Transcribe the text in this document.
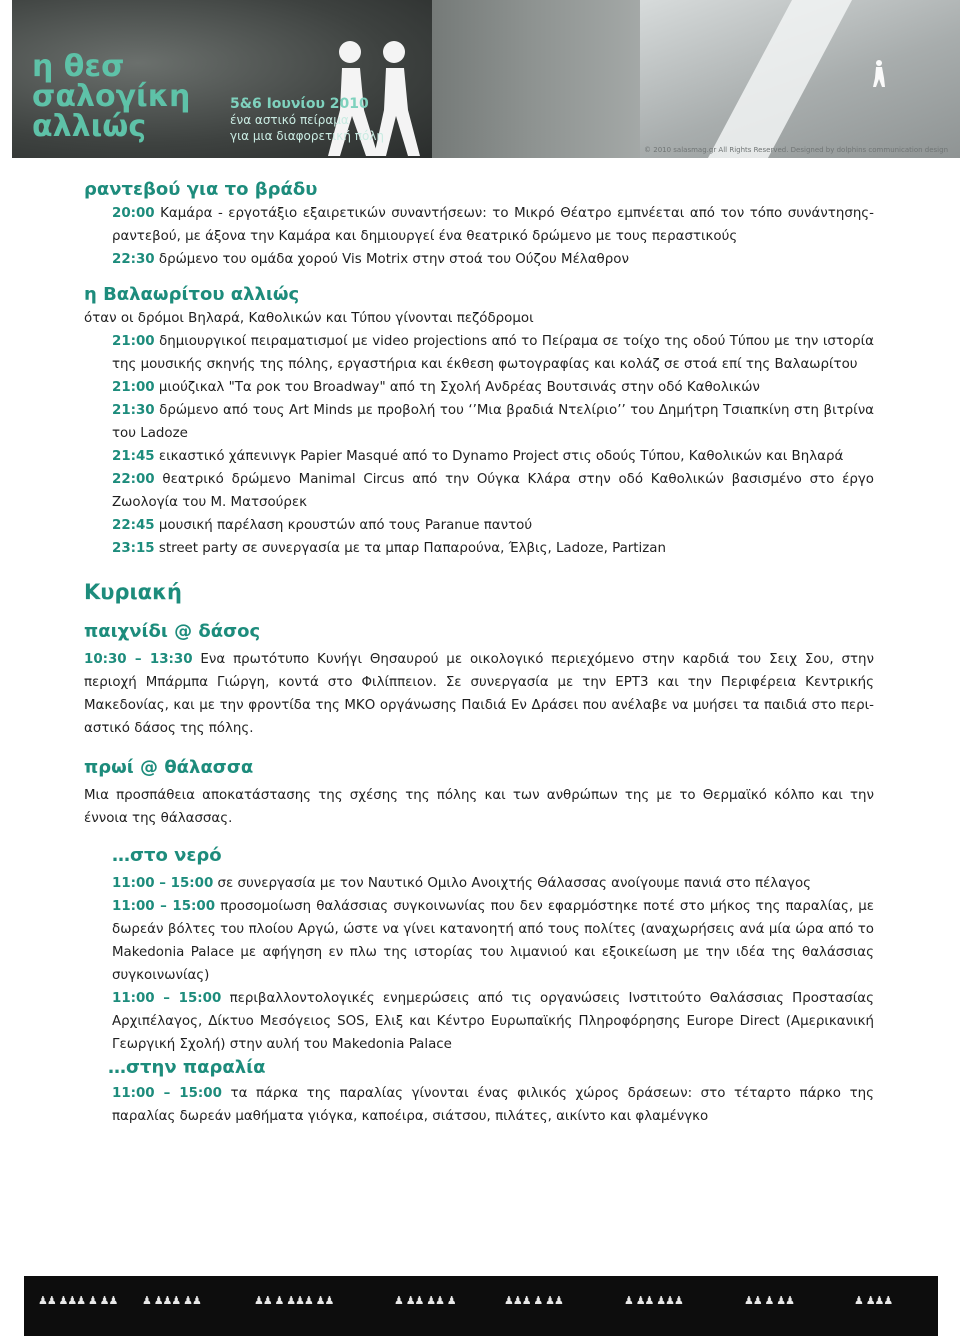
η θεσ
σαλογίκη
αλλιώς
5&6 Ιουνίου 2010
ένα αστικό πείραμα
για μια διαφορετική πόλη
© 2010 salasmag.gr All Rights Reserved. Designed by dolphins communication design
ραντεβού για το βράδυ

20:00 Καμάρα - εργοτάξιο εξαιρετικών συναντήσεων: το Μικρό Θέατρο εμπνέεται από τον τόπο συνάντησης-ραντεβού, με άξονα την Καμάρα και δημιουργεί ένα θεατρικό δρώμενο με τους περαστικούς

22:30 δρώμενο του ομάδα χορού Vis Motrix στην στοά του Ούζου Μέλαθρον

η Βαλαωρίτου αλλιώς

όταν οι δρόμοι Βηλαρά, Καθολικών και Τύπου γίνονται πεζόδρομοι

21:00 δημιουργικοί πειραματισμοί με video projections από το Πείραμα σε τοίχο της οδού Τύπου με την ιστορία της μουσικής σκηνής της πόλης, εργαστήρια και έκθεση φωτογραφίας και κολάζ σε στοά επί της Βαλαωρίτου

21:00 μιούζικαλ "Τα ροκ του Broadway" από τη Σχολή Ανδρέας Βουτσινάς στην οδό Καθολικών

21:30 δρώμενο από τους Art Minds με προβολή του ‘’Μια βραδιά Ντελίριο’’ του Δημήτρη Τσιαπκίνη στη βιτρίνα του Ladoze

21:45 εικαστικό χάπενινγκ Papier Masqué από το Dynamo Project στις οδούς Τύπου, Καθολικών και Βηλαρά

22:00 θεατρικό δρώμενο Manimal Circus από την Ούγκα Κλάρα στην οδό Καθολικών βασισμένο στο έργο Ζωολογία του Μ. Ματσούρεκ

22:45 μουσική παρέλαση κρουστών από τους Paranue παντού

23:15 street party σε συνεργασία με τα μπαρ Παπαρούνα, Έλβις, Ladoze, Partizan

Κυριακή
παιχνίδι @ δάσος

10:30 – 13:30 Ενα πρωτότυπο Κυνήγι Θησαυρού με οικολογικό περιεχόμενο στην καρδιά του Σειχ Σου, στην περιοχή Μπάρμπα Γιώργη, κοντά στο Φιλίππειον. Σε συνεργασία με την ΕΡΤ3 και την Περιφέρεια Κεντρικής Μακεδονίας, και με την φροντίδα της ΜΚΟ οργάνωσης Παιδιά Εν Δράσει που ανέλαβε να μυήσει τα παιδιά στο περι-αστικό δάσος της πόλης.

πρωί @ θάλασσα

Μια προσπάθεια αποκατάστασης της σχέσης της πόλης και των ανθρώπων της με το Θερμαϊκό κόλπο και την έννοια της θάλασσας.

…στο νερό

11:00 – 15:00 σε συνεργασία με τον Ναυτικό Ομιλο Ανοιχτής Θάλασσας ανοίγουμε πανιά στο πέλαγος

11:00 – 15:00 προσομοίωση θαλάσσιας συγκοινωνίας που δεν εφαρμόστηκε ποτέ στο μήκος της παραλίας, με δωρεάν βόλτες του πλοίου Αργώ, ώστε να γίνει κατανοητή από τους πολίτες (αναχωρήσεις ανά μία ώρα από το Makedonia Palace με αφήγηση εν πλω της ιστορίας του λιμανιού και εξοικείωση με την ιδέα της θαλάσσιας συγκοινωνίας)

11:00 – 15:00 περιβαλλοντολογικές ενημερώσεις από τις οργανώσεις Ινστιτούτο Θαλάσσιας Προστασίας Αρχιπέλαγος, Δίκτυο Μεσόγειος SOS, Ελιξ και Κέντρο Ευρωπαϊκής Πληροφόρησης Europe Direct (Αμερικανική Γεωργική Σχολή) στην αυλή του Makedonia Palace

…στην παραλία

11:00 – 15:00 τα πάρκα της παραλίας γίνονται ένας φιλικός χώρος δράσεων: στο τέταρτο πάρκο της παραλίας δωρεάν μαθήματα γιόγκα, καποέιρα, σιάτσου, πιλάτες, αικίντο και φλαμένγκο

♟♟ ♟♟♟ ♟ ♟♟ ♟ ♟♟♟ ♟♟	♟♟ ♟ ♟♟♟ ♟♟	♟ ♟♟ ♟♟ ♟	♟♟♟ ♟ ♟♟	♟ ♟♟ ♟♟♟	♟♟ ♟ ♟♟	♟ ♟♟♟
